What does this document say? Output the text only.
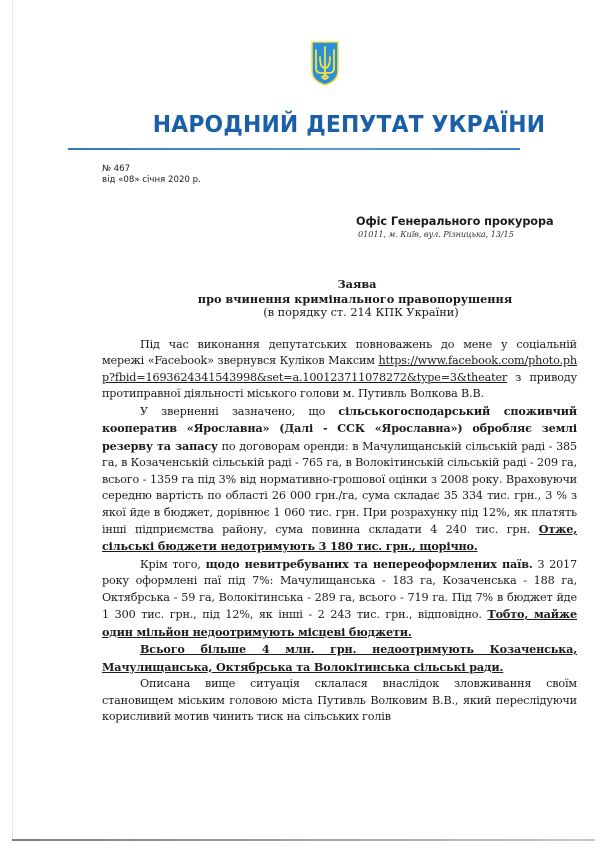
НАРОДНИЙ ДЕПУТАТ УКРАЇНИ
№ 467
від «08» січня 2020 р.
Офіс Генерального прокурора
01011, м. Київ, вул. Різницька, 13/15
Заява
про вчинення кримінального правопорушення
(в порядку ст. 214 КПК України)

Під час виконання депутатських повноважень до мене у соціальній мережі «Facebook» звернувся Куліков Максим https://www.facebook.com/photo.php?fbid=1693624341543998&set=a.100123711078272&type=3&theater з приводу протиправної діяльності міського голови м. Путивль Волкова В.В.

У зверненні зазначено, що сільськогосподарський споживчий кооператив «Ярославна» (Далі - ССК «Ярославна») обробляє землі резерву та запасу по договорам оренди: в Мачулищанській сільській раді - 385 га, в Козаченській сільській раді - 765 га, в Волокітинській сільській раді - 209 га, всього - 1359 га під 3% від нормативно-грошової оцінки з 2008 року. Враховуючи середню вартість по області 26 000 грн./га, сума складає 35 334 тис. грн., 3 % з якої йде в бюджет, дорівнює 1 060 тис. грн. При розрахунку під 12%, як платять інші підприємства району, сума повинна складати 4 240 тис. грн. Отже, сільські бюджети недотримують 3 180 тис. грн., щорічно.

Крім того, щодо невитребуваних та непереоформлених паїв. З 2017 року оформлені паї під 7%: Мачулищанська - 183 га, Козаченська - 188 га, Октябрська - 59 га, Волокітинська - 289 га, всього - 719 га. Під 7% в бюджет йде 1 300 тис. грн., під 12%, як інші - 2 243 тис. грн., відповідно. Тобто, майже один мільйон недоотримують місцеві бюджети.

Всього більше 4 млн. грн. недоотримують Козаченська, Мачулищанська, Октябрська та Волокітинська сільські ради.

Описана вище ситуація склалася внаслідок зловживання своїм становищем міським головою міста Путивль Волковим В.В., який переслідуючи корисливий мотив чинить тиск на сільських голів
